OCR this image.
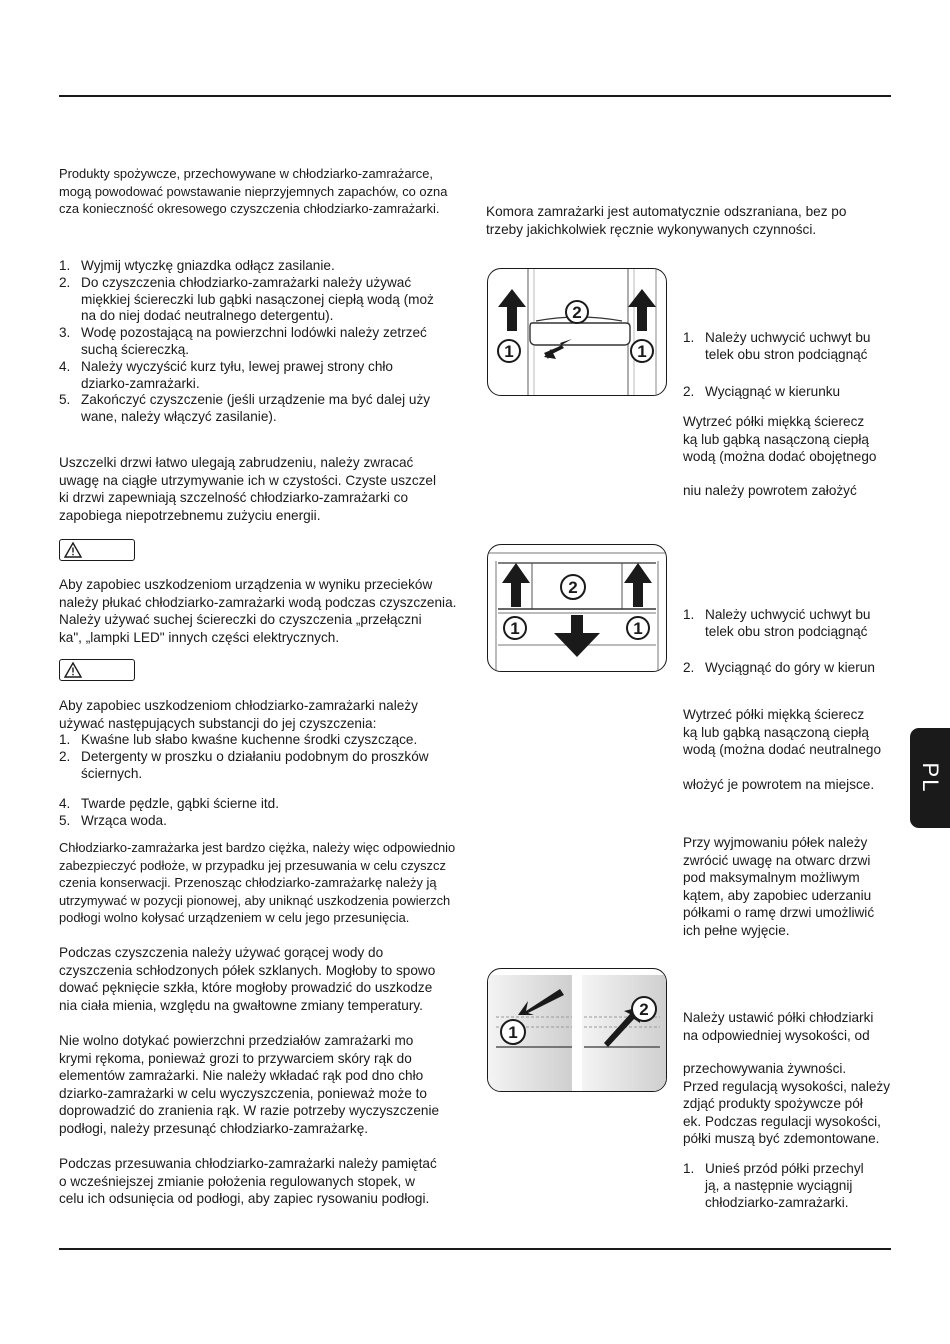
Produkty spożywcze, przechowywane w chłodziarko-zamrażarce,
mogą powodować powstawanie nieprzyjemnych zapachów, co ozna
cza konieczność okresowego czyszczenia chłodziarko-zamrażarki.
1. Wyjmij wtyczkę gniazdka odłącz zasilanie.
2. Do czyszczenia chłodziarko-zamrażarki należy używać
miękkiej ściereczki lub gąbki nasączonej ciepłą wodą (moż
na do niej dodać neutralnego detergentu).
3. Wodę pozostającą na powierzchni lodówki należy zetrzeć
suchą ściereczką.
4. Należy wyczyścić kurz tyłu, lewej prawej strony chło
dziarko-zamrażarki.
5. Zakończyć czyszczenie (jeśli urządzenie ma być dalej uży
wane, należy włączyć zasilanie).
Uszczelki drzwi łatwo ulegają zabrudzeniu, należy zwracać
uwagę na ciągłe utrzymywanie ich w czystości. Czyste uszczel
ki drzwi zapewniają szczelność chłodziarko-zamrażarki co
zapobiega niepotrzebnemu zużyciu energii.
Aby zapobiec uszkodzeniom urządzenia w wyniku przecieków
należy płukać chłodziarko-zamrażarki wodą podczas czyszczenia.
Należy używać suchej ściereczki do czyszczenia „przełączni
ka", „lampki LED" innych części elektrycznych.
Aby zapobiec uszkodzeniom chłodziarko-zamrażarki należy
używać następujących substancji do jej czyszczenia:
1. Kwaśne lub słabo kwaśne kuchenne środki czyszczące.
2. Detergenty w proszku o działaniu podobnym do proszków
ściernych.
4. Twarde pędzle, gąbki ścierne itd.
5. Wrząca woda.
Chłodziarko-zamrażarka jest bardzo ciężka, należy więc odpowiednio
zabezpieczyć podłoże, w przypadku jej przesuwania w celu czyszcz
czenia konserwacji. Przenosząc chłodziarko-zamrażarkę należy ją
utrzymywać w pozycji pionowej, aby uniknąć uszkodzenia powierzch
podłogi wolno kołysać urządzeniem w celu jego przesunięcia.
Podczas czyszczenia należy używać gorącej wody do
czyszczenia schłodzonych półek szklanych. Mogłoby to spowo
dować pęknięcie szkła, które mogłoby prowadzić do uszkodze
nia ciała mienia, względu na gwałtowne zmiany temperatury.
Nie wolno dotykać powierzchni przedziałów zamrażarki mo
krymi rękoma, ponieważ grozi to przywarciem skóry rąk do
elementów zamrażarki. Nie należy wkładać rąk pod dno chło
dziarko-zamrażarki w celu wyczyszczenia, ponieważ może to
doprowadzić do zranienia rąk. W razie potrzeby wyczyszczenie
podłogi, należy przesunąć chłodziarko-zamrażarkę.
Podczas przesuwania chłodziarko-zamrażarki należy pamiętać
o wcześniejszej zmianie położenia regulowanych stopek, w
celu ich odsunięcia od podłogi, aby zapiec rysowaniu podłogi.
Komora zamrażarki jest automatycznie odszraniana, bez po
trzeby jakichkolwiek ręcznie wykonywanych czynności.
1
2
1
1. Należy uchwycić uchwyt bu
telek obu stron podciągnąć
2. Wyciągnąć w kierunku
Wytrzeć półki miękką ścierecz
ką lub gąbką nasączoną ciepłą
wodą (można dodać obojętnego
niu należy powrotem założyć
2
1	1
1. Należy uchwycić uchwyt bu
telek obu stron podciągnąć
2. Wyciągnąć do góry w kierun
Wytrzeć półki miękką ścierecz
ką lub gąbką nasączoną ciepłą
wodą (można dodać neutralnego
włożyć je powrotem na miejsce.
Przy wyjmowaniu półek należy
zwrócić uwagę na otwarc drzwi
pod maksymalnym możliwym
kątem, aby zapobiec uderzaniu
półkami o ramę drzwi umożliwić
ich pełne wyjęcie.
1
2	Należy ustawić półki chłodziarki
na odpowiedniej wysokości, od
przechowywania żywności.
Przed regulacją wysokości, należy
zdjąć produkty spożywcze pół
ek. Podczas regulacji wysokości,
półki muszą być zdemontowane.
1. Unieś przód półki przechyl
ją, a następnie wyciągnij
chłodziarko-zamrażarki.
PL
